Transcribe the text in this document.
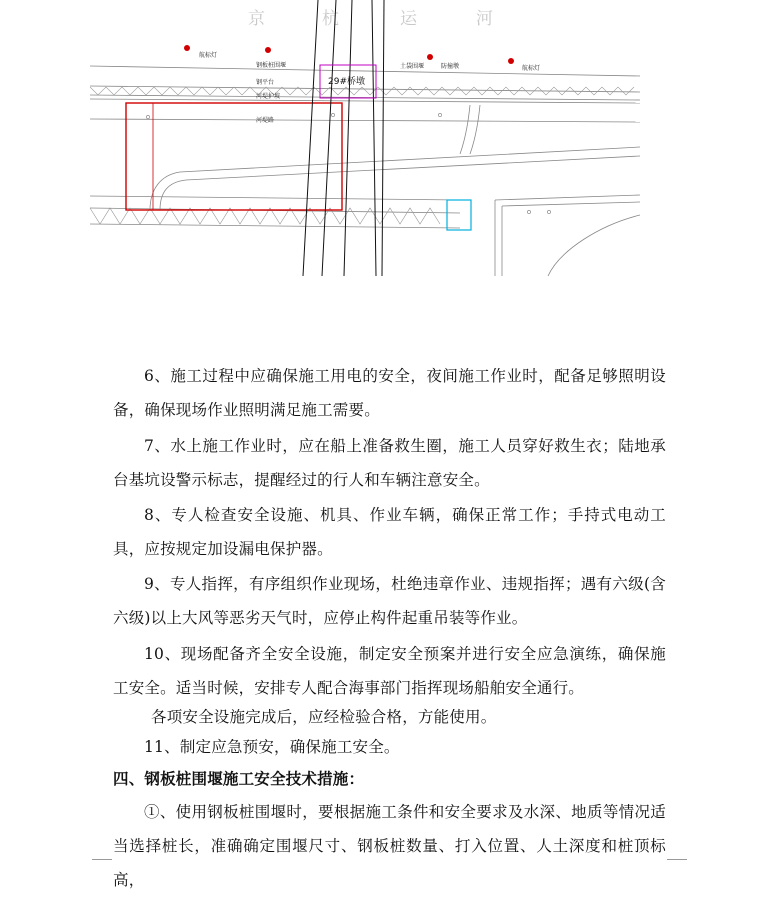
京	杭	运	河
29#桥墩
航标灯
钢板桩围堰
钢平台
河堤护坡
河堤路
土袋围堰	防撞墩	航标灯

6、施工过程中应确保施工用电的安全，夜间施工作业时，配备足够照明设备，确保现场作业照明满足施工需要。

7、水上施工作业时，应在船上准备救生圈，施工人员穿好救生衣；陆地承台基坑设警示标志，提醒经过的行人和车辆注意安全。

8、专人检查安全设施、机具、作业车辆，确保正常工作；手持式电动工具，应按规定加设漏电保护器。

9、专人指挥，有序组织作业现场，杜绝违章作业、违规指挥；遇有六级(含六级)以上大风等恶劣天气时，应停止构件起重吊装等作业。

10、现场配备齐全安全设施，制定安全预案并进行安全应急演练，确保施工安全。适当时候，安排专人配合海事部门指挥现场船舶安全通行。

各项安全设施完成后，应经检验合格，方能使用。

11、制定应急预安，确保施工安全。

四、钢板桩围堰施工安全技术措施：

①、使用钢板桩围堰时，要根据施工条件和安全要求及水深、地质等情况适当选择桩长，准确确定围堰尺寸、钢板桩数量、打入位置、人土深度和桩顶标高，
